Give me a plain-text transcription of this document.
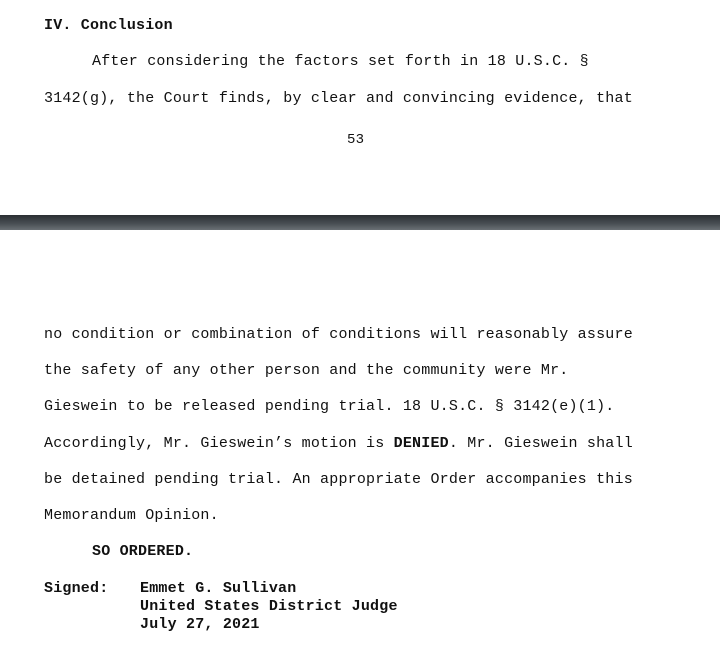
IV. Conclusion
After considering the factors set forth in 18 U.S.C. §
3142(g), the Court finds, by clear and convincing evidence, that
53
no condition or combination of conditions will reasonably assure
the safety of any other person and the community were Mr.
Gieswein to be released pending trial. 18 U.S.C. § 3142(e)(1).
Accordingly, Mr. Gieswein’s motion is DENIED. Mr. Gieswein shall
be detained pending trial. An appropriate Order accompanies this
Memorandum Opinion.
SO ORDERED.
Signed: Emmet G. Sullivan
United States District Judge
July 27, 2021
